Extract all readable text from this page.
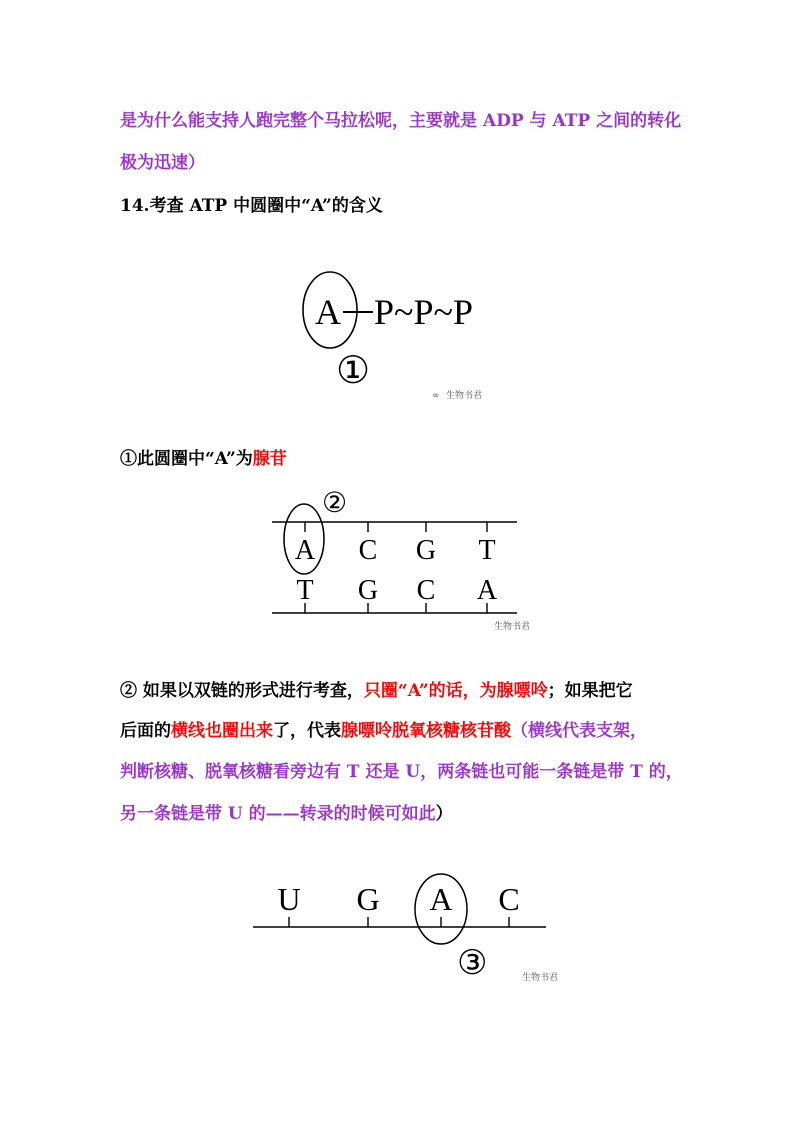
是为什么能支持人跑完整个马拉松呢，主要就是 ADP 与 ATP 之间的转化
极为迅速）
14.考查 ATP 中圆圈中“A”的含义
①此圆圈中“A”为腺苷
② 如果以双链的形式进行考查，只圈“A”的话，为腺嘌呤；如果把它
后面的横线也圈出来了，代表腺嘌呤脱氧核糖核苷酸（横线代表支架，
判断核糖、脱氧核糖看旁边有 T 还是 U，两条链也可能一条链是带 T 的，
另一条链是带 U 的——转录的时候可如此）
A P~P~P
①
生物书君
∞
A C G T
T G C A
②
生物书君
U G A C
③	生物书君
